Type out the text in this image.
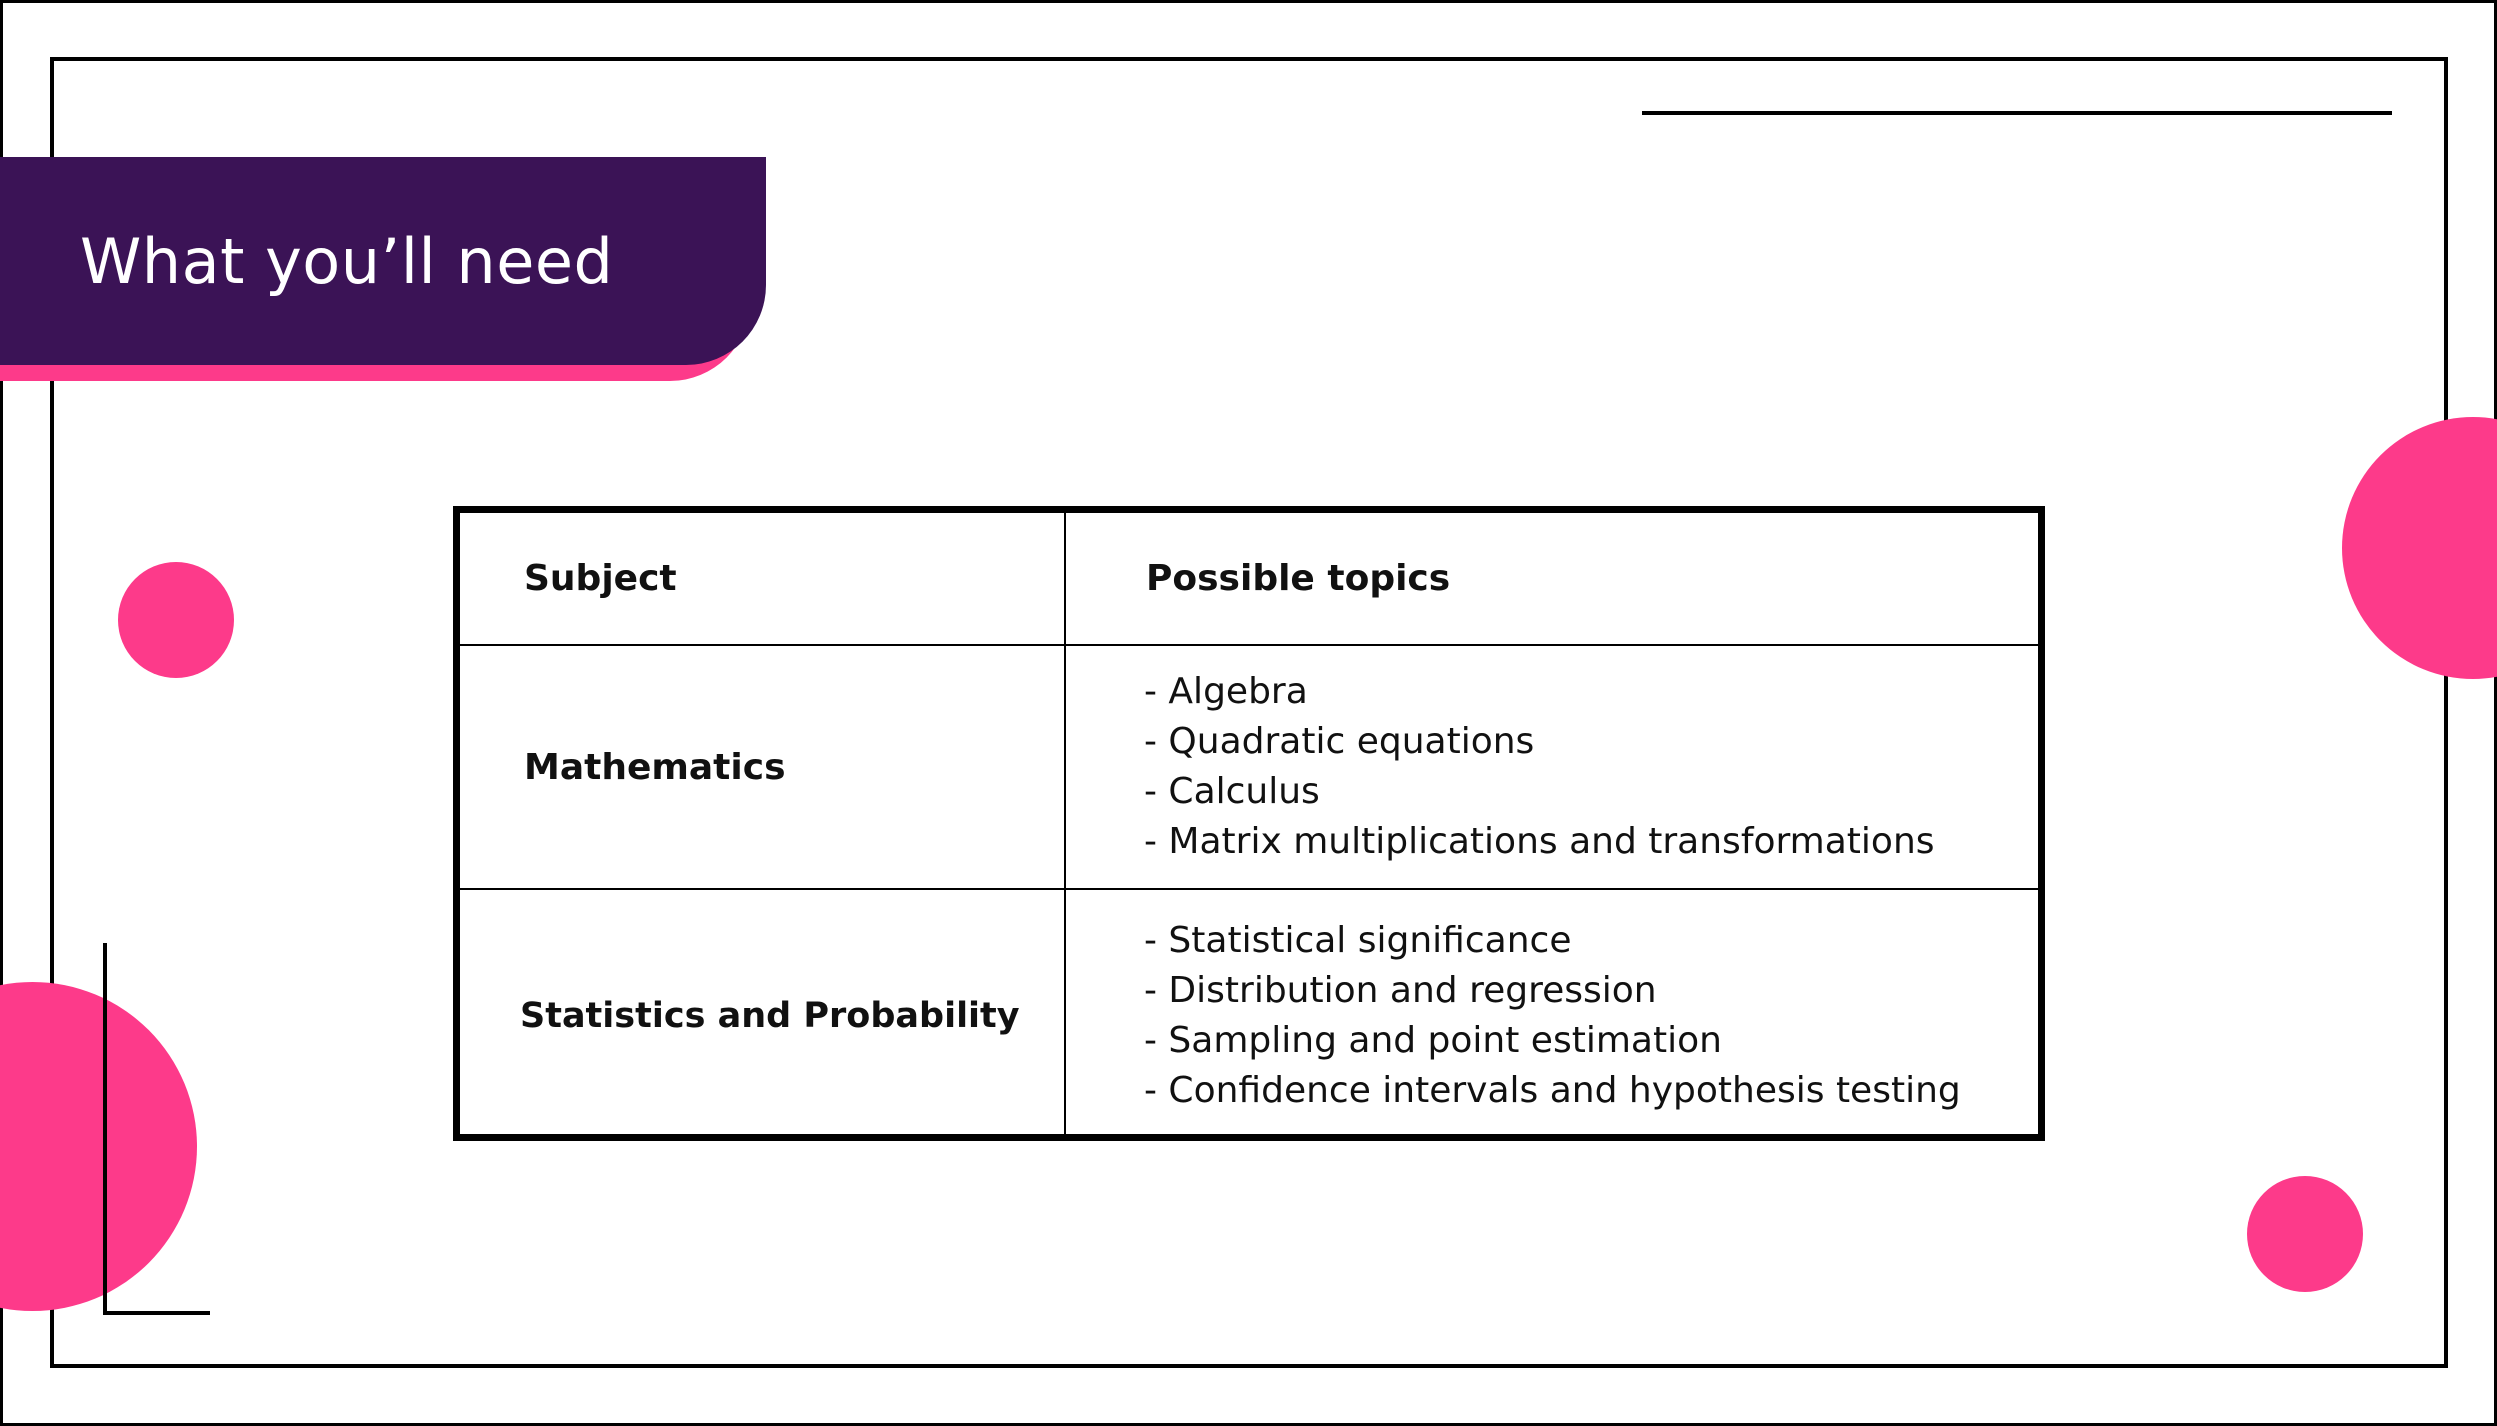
What you’ll need
Subject	Possible topics
Mathematics	- Algebra
- Quadratic equations
- Calculus
- Matrix multiplications and transformations

Statistics and Probability	- Statistical significance
- Distribution and regression
- Sampling and point estimation
- Confidence intervals and hypothesis testing
